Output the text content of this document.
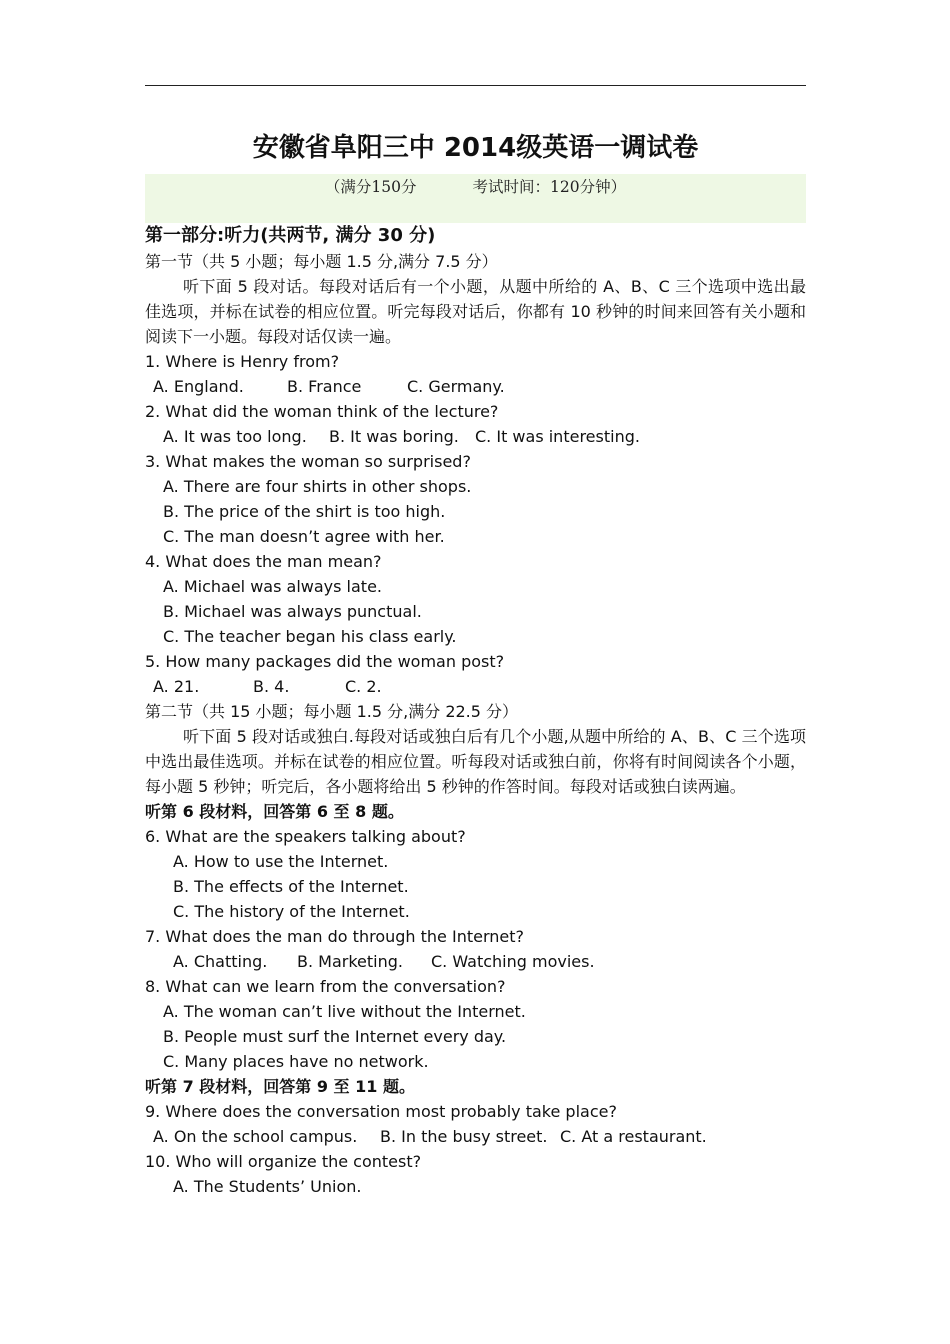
安徽省阜阳三中 2014级英语一调试卷
（满分150分	考试时间：120分钟）
第一部分:听力(共两节, 满分 30 分)
第一节（共 5 小题；每小题 1.5 分,满分 7.5 分）
听下面 5 段对话。每段对话后有一个小题，从题中所给的 A、B、C 三个选项中选出最佳选项，并标在试卷的相应位置。听完每段对话后，你都有 10 秒钟的时间来回答有关小题和阅读下一小题。每段对话仅读一遍。
1. Where is Henry from?
A. England.	B. France	C. Germany.
2. What did the woman think of the lecture?
A. It was too long. B. It was boring. C. It was interesting.
3. What makes the woman so surprised?
A. There are four shirts in other shops.
B. The price of the shirt is too high.
C. The man doesn’t agree with her.
4. What does the man mean?
A. Michael was always late.
B. Michael was always punctual.
C. The teacher began his class early.
5. How many packages did the woman post?
A. 21.	B. 4.	C. 2.
第二节（共 15 小题；每小题 1.5 分,满分 22.5 分）
听下面 5 段对话或独白.每段对话或独白后有几个小题,从题中所给的 A、B、C 三个选项中选出最佳选项。并标在试卷的相应位置。听每段对话或独白前，你将有时间阅读各个小题，每小题 5 秒钟；听完后，各小题将给出 5 秒钟的作答时间。每段对话或独白读两遍。
听第 6 段材料，回答第 6 至 8 题。
6. What are the speakers talking about?
A. How to use the Internet.
B. The effects of the Internet.
C. The history of the Internet.
7. What does the man do through the Internet?
A. Chatting. B. Marketing. C. Watching movies.
8. What can we learn from the conversation?
A. The woman can’t live without the Internet.
B. People must surf the Internet every day.
C. Many places have no network.
听第 7 段材料，回答第 9 至 11 题。
9. Where does the conversation most probably take place?
A. On the school campus. B. In the busy street. C. At a restaurant.
10. Who will organize the contest?
A. The Students’ Union.
